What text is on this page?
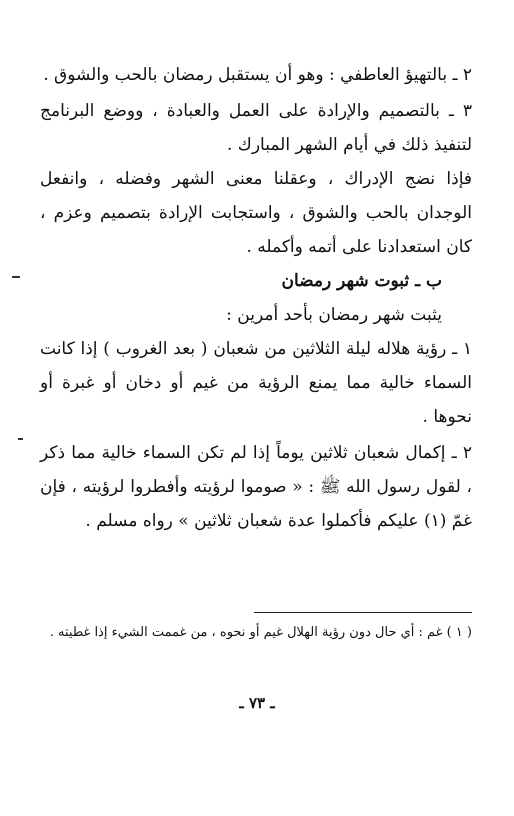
٢ ـ بالتهيؤ العاطفي : وهو أن يستقبل رمضان بالحب والشوق .

٣ ـ بالتصميم والإرادة على العمل والعبادة ، ووضع البرنامج لتنفيذ ذلك في أيام الشهر المبارك .

فإذا نضج الإدراك ، وعقلنا معنى الشهر وفضله ، وانفعل الوجدان بالحب والشوق ، واستجابت الإرادة بتصميم وعزم ، كان استعدادنا على أتمه وأكمله .

ب ـ ثبوت شهر رمضان

يثبت شهر رمضان بأحد أمرين :

١ ـ رؤية هلاله ليلة الثلاثين من شعبان ( بعد الغروب ) إذا كانت السماء خالية مما يمنع الرؤية من غيم أو دخان أو غبرة أو نحوها .

٢ ـ إكمال شعبان ثلاثين يوماً إذا لم تكن السماء خالية مما ذكر ، لقول رسول الله ﷺ : « صوموا لرؤيته وأفطروا لرؤيته ، فإن غمّ (١) عليكم فأكملوا عدة شعبان ثلاثين » رواه مسلم .

( ١ ) غم : أي حال دون رؤية الهلال غيم أو نحوه ، من غممت الشيء إذا غطيته .

ـ ٧٣ ـ
